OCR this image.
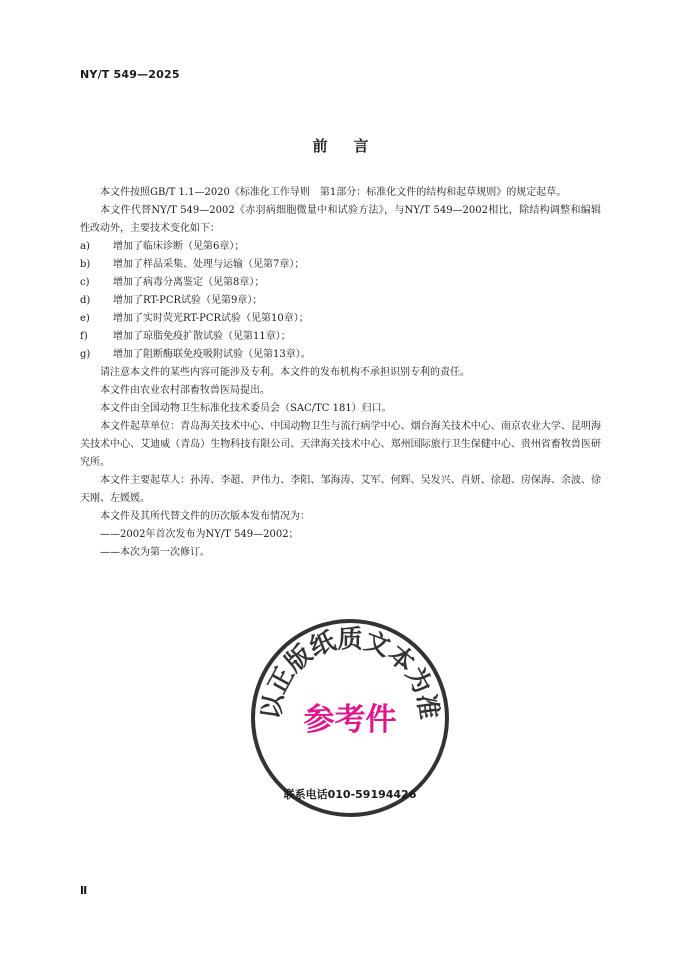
NY/T 549—2025
前言

本文件按照GB/T 1.1—2020《标准化工作导则　第1部分：标准化文件的结构和起草规则》的规定起草。

本文件代替NY/T 549—2002《赤羽病细胞微量中和试验方法》，与NY/T 549—2002相比，除结构调整和编辑性改动外，主要技术变化如下：

a)	增加了临床诊断（见第6章）；

b)	增加了样品采集、处理与运输（见第7章）；

c)	增加了病毒分离鉴定（见第8章）；

d)	增加了RT-PCR试验（见第9章）；

e)	增加了实时荧光RT-PCR试验（见第10章）；

f)	增加了琼脂免疫扩散试验（见第11章）；

g)	增加了阻断酶联免疫吸附试验（见第13章）。

请注意本文件的某些内容可能涉及专利。本文件的发布机构不承担识别专利的责任。

本文件由农业农村部畜牧兽医局提出。

本文件由全国动物卫生标准化技术委员会（SAC/TC 181）归口。

本文件起草单位：青岛海关技术中心、中国动物卫生与流行病学中心、烟台海关技术中心、南京农业大学、昆明海关技术中心、艾迪威（青岛）生物科技有限公司、天津海关技术中心、郑州国际旅行卫生保健中心、贵州省畜牧兽医研究所。

本文件主要起草人：孙涛、李超、尹伟力、李阳、邹海涛、艾军、何辉、吴发兴、肖妍、徐超、房保海、余波、徐天刚、左媛媛。

本文件及其所代替文件的历次版本发布情况为：

——2002年首次发布为NY/T 549—2002；

——本次为第一次修订。

以正版纸质文本为准
参考件
联系电话010-59194426
Ⅱ
